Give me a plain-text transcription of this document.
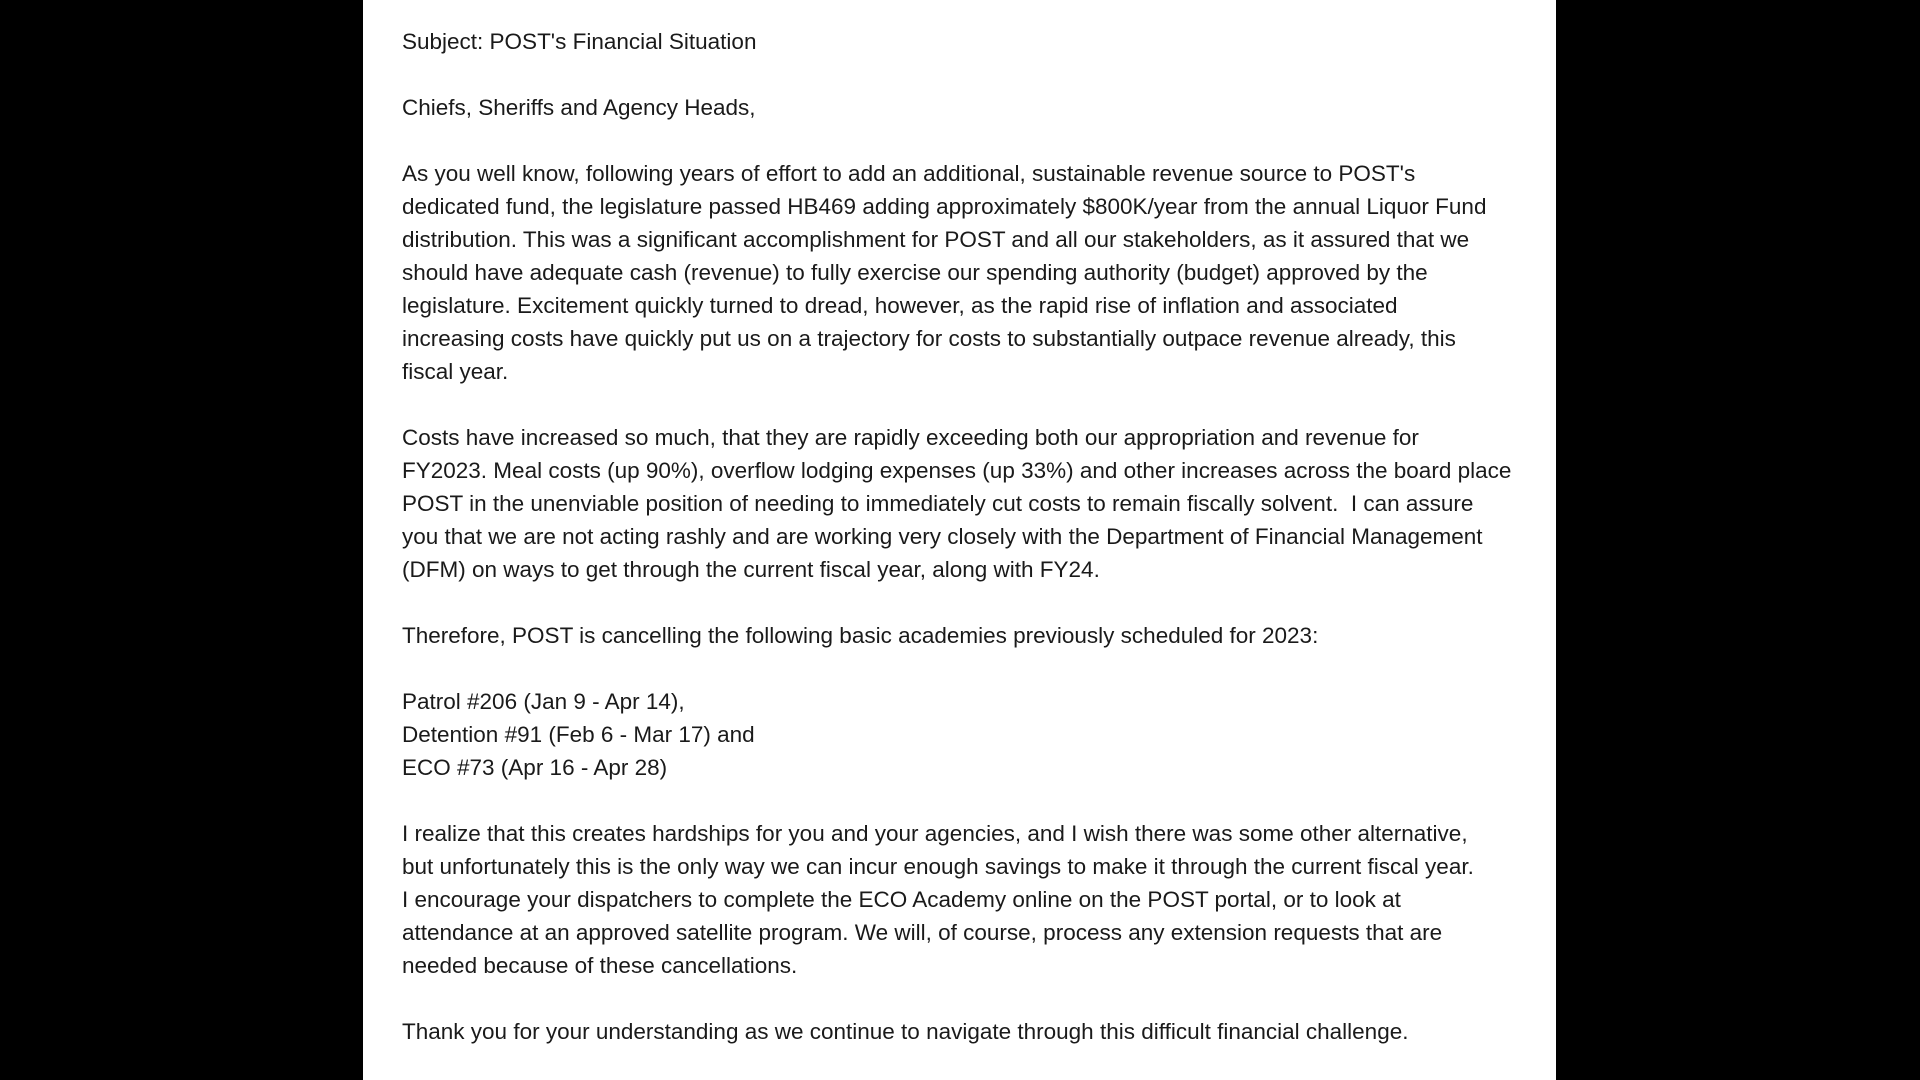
Subject: POST's Financial Situation
Chiefs, Sheriffs and Agency Heads,
As you well know, following years of effort to add an additional, sustainable revenue source to POST's
dedicated fund, the legislature passed HB469 adding approximately $800K/year from the annual Liquor Fund
distribution. This was a significant accomplishment for POST and all our stakeholders, as it assured that we
should have adequate cash (revenue) to fully exercise our spending authority (budget) approved by the
legislature. Excitement quickly turned to dread, however, as the rapid rise of inflation and associated
increasing costs have quickly put us on a trajectory for costs to substantially outpace revenue already, this
fiscal year.
Costs have increased so much, that they are rapidly exceeding both our appropriation and revenue for
FY2023. Meal costs (up 90%), overflow lodging expenses (up 33%) and other increases across the board place
POST in the unenviable position of needing to immediately cut costs to remain fiscally solvent.  I can assure
you that we are not acting rashly and are working very closely with the Department of Financial Management
(DFM) on ways to get through the current fiscal year, along with FY24.
Therefore, POST is cancelling the following basic academies previously scheduled for 2023:
Patrol #206 (Jan 9 - Apr 14),
Detention #91 (Feb 6 - Mar 17) and
ECO #73 (Apr 16 - Apr 28)
I realize that this creates hardships for you and your agencies, and I wish there was some other alternative,
but unfortunately this is the only way we can incur enough savings to make it through the current fiscal year.
I encourage your dispatchers to complete the ECO Academy online on the POST portal, or to look at
attendance at an approved satellite program. We will, of course, process any extension requests that are
needed because of these cancellations.
Thank you for your understanding as we continue to navigate through this difficult financial challenge.
